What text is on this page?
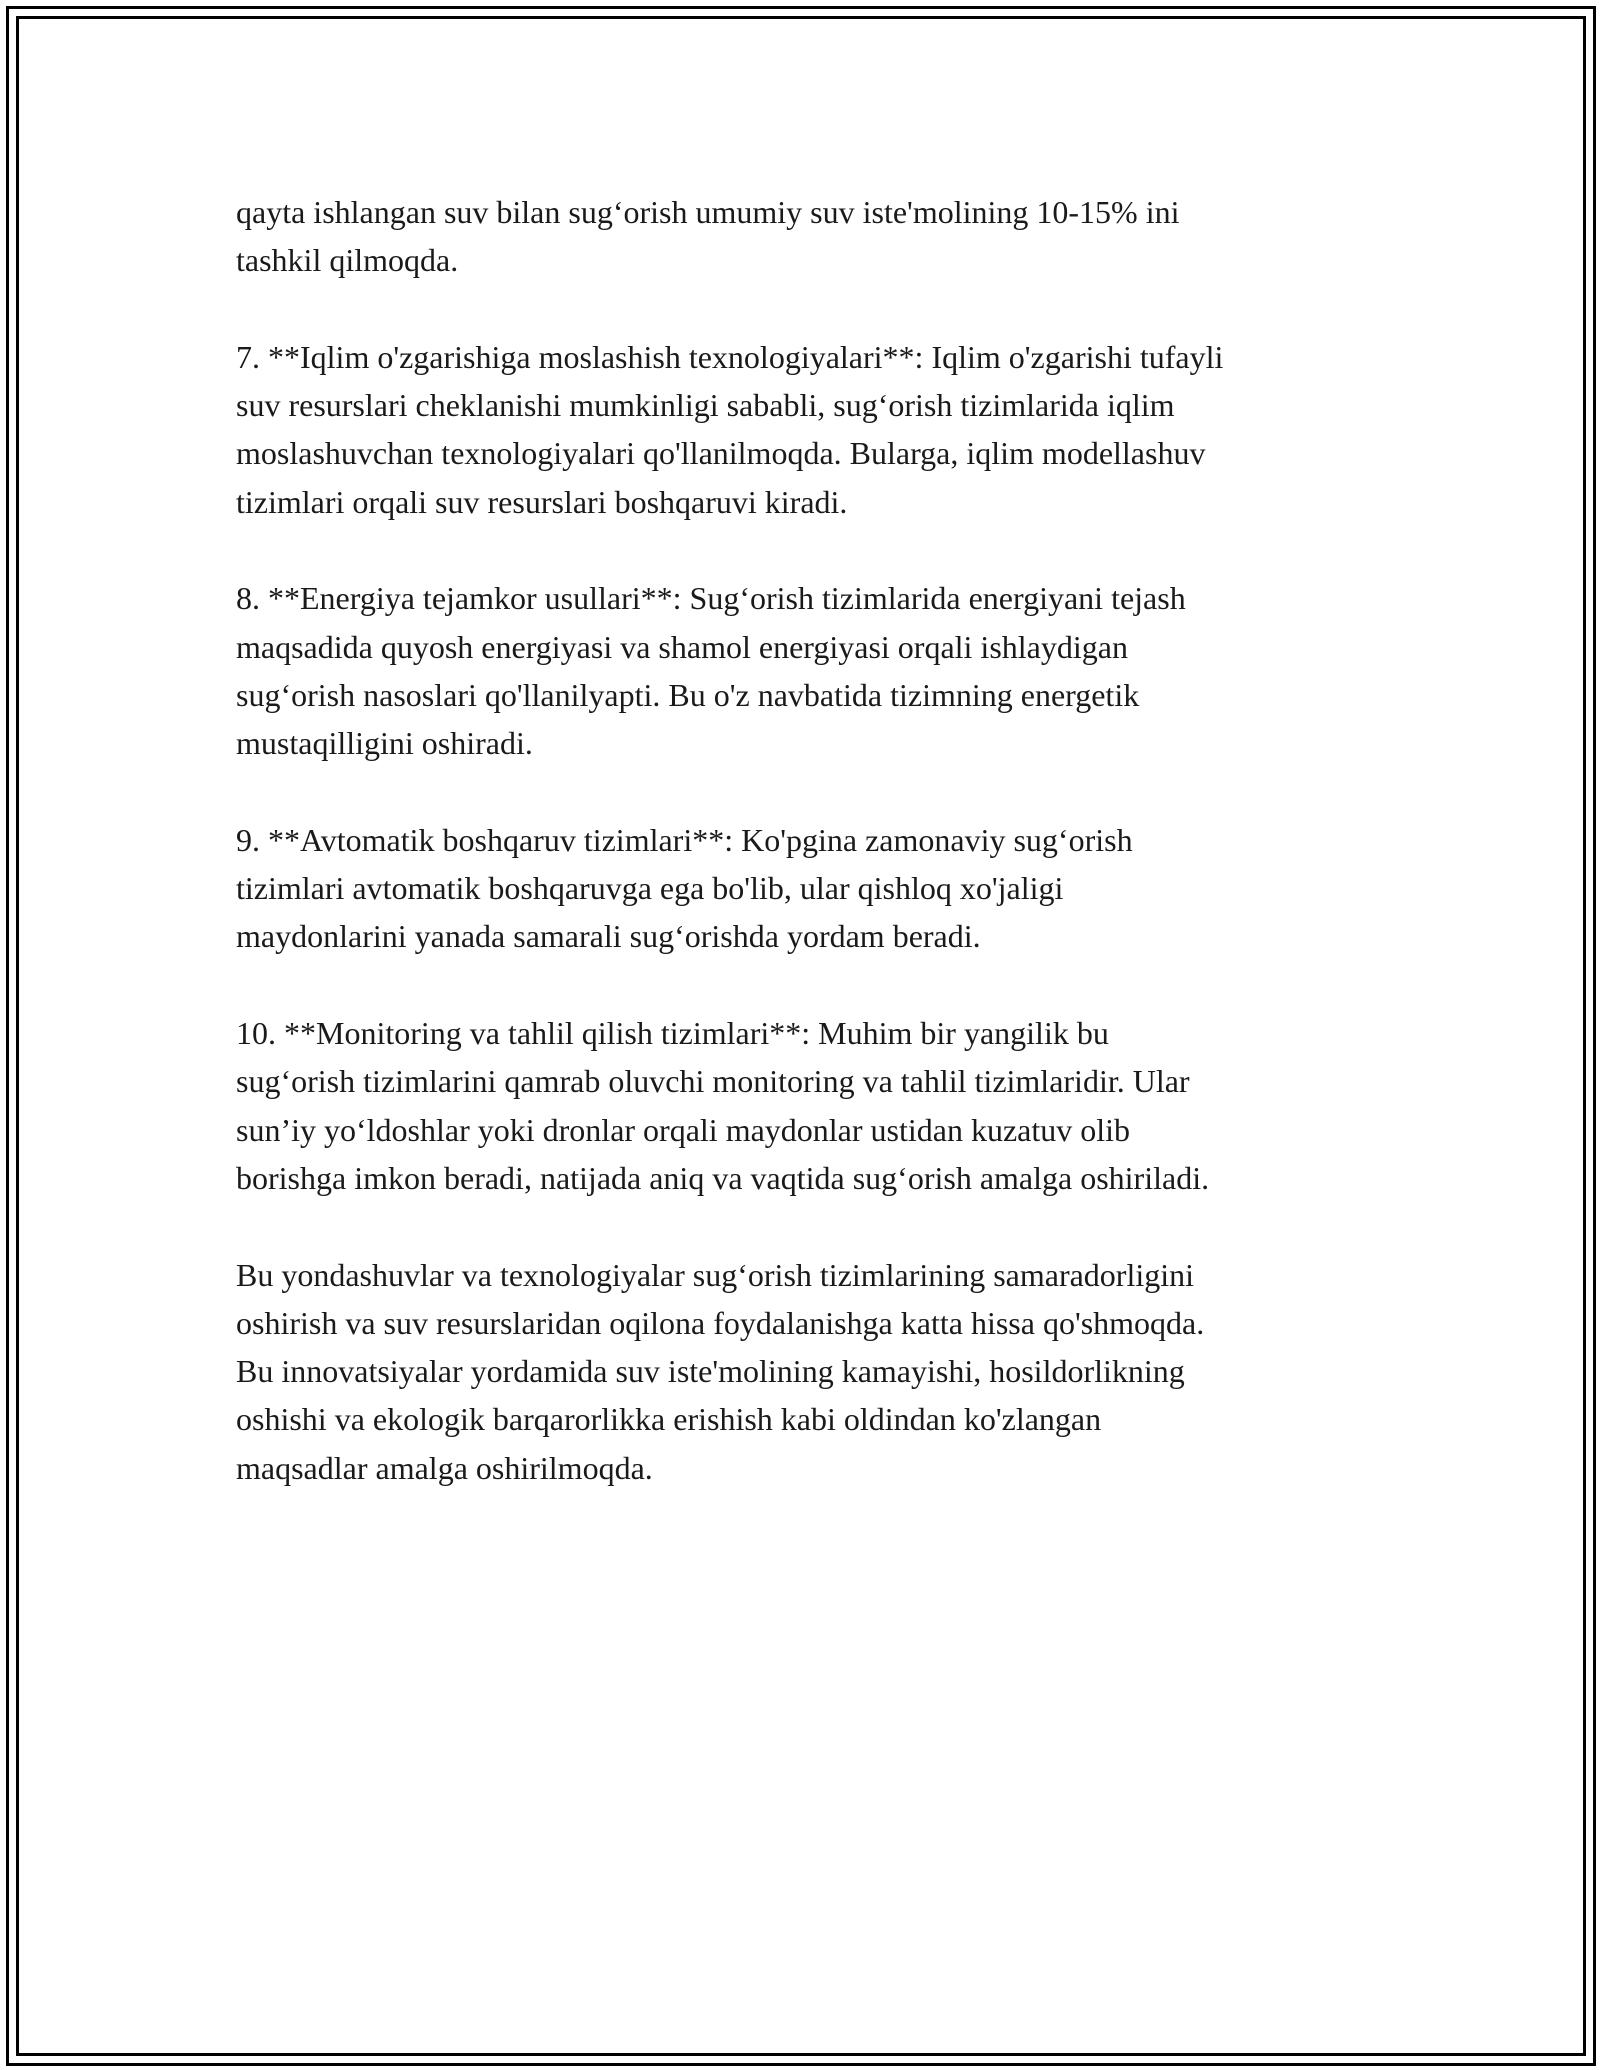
qayta ishlangan suv bilan sug‘orish umumiy suv iste'molining 10-15% ini
tashkil qilmoqda.

7. **Iqlim o'zgarishiga moslashish texnologiyalari**: Iqlim o'zgarishi tufayli
suv resurslari cheklanishi mumkinligi sababli, sug‘orish tizimlarida iqlim
moslashuvchan texnologiyalari qo'llanilmoqda. Bularga, iqlim modellashuv
tizimlari orqali suv resurslari boshqaruvi kiradi.

8. **Energiya tejamkor usullari**: Sug‘orish tizimlarida energiyani tejash
maqsadida quyosh energiyasi va shamol energiyasi orqali ishlaydigan
sug‘orish nasoslari qo'llanilyapti. Bu o'z navbatida tizimning energetik
mustaqilligini oshiradi.

9. **Avtomatik boshqaruv tizimlari**: Ko'pgina zamonaviy sug‘orish
tizimlari avtomatik boshqaruvga ega bo'lib, ular qishloq xo'jaligi
maydonlarini yanada samarali sug‘orishda yordam beradi.

10. **Monitoring va tahlil qilish tizimlari**: Muhim bir yangilik bu
sug‘orish tizimlarini qamrab oluvchi monitoring va tahlil tizimlaridir. Ular
sun’iy yo‘ldoshlar yoki dronlar orqali maydonlar ustidan kuzatuv olib
borishga imkon beradi, natijada aniq va vaqtida sug‘orish amalga oshiriladi.

Bu yondashuvlar va texnologiyalar sug‘orish tizimlarining samaradorligini
oshirish va suv resurslaridan oqilona foydalanishga katta hissa qo'shmoqda.
Bu innovatsiyalar yordamida suv iste'molining kamayishi, hosildorlikning
oshishi va ekologik barqarorlikka erishish kabi oldindan ko'zlangan
maqsadlar amalga oshirilmoqda.
